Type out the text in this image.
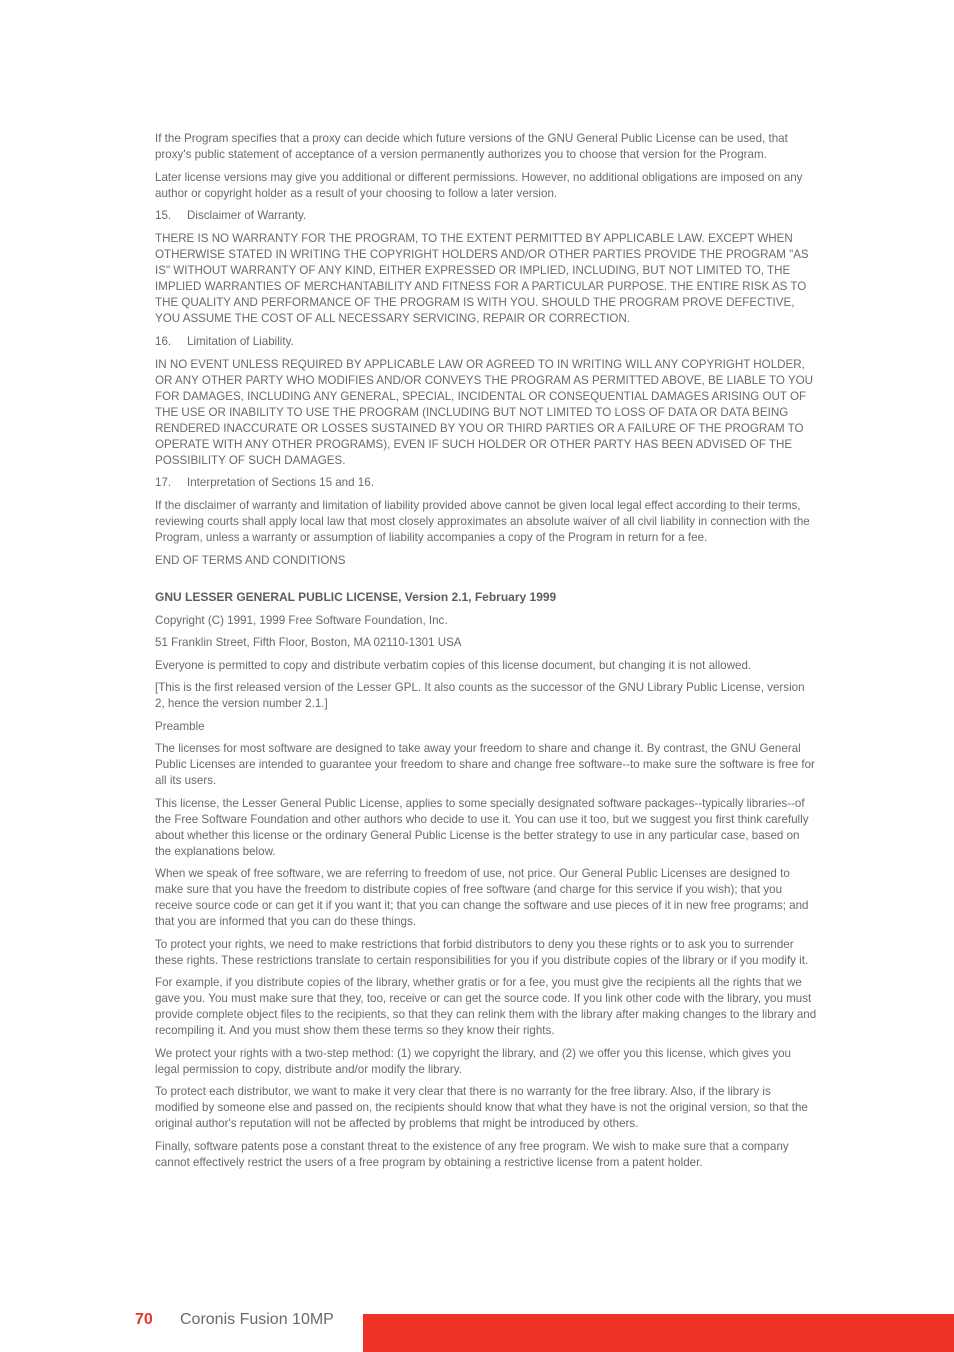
If the Program specifies that a proxy can decide which future versions of the GNU General Public License can be used, that proxy's public statement of acceptance of a version permanently authorizes you to choose that version for the Program.

Later license versions may give you additional or different permissions. However, no additional obligations are imposed on any author or copyright holder as a result of your choosing to follow a later version.

15. Disclaimer of Warranty.

THERE IS NO WARRANTY FOR THE PROGRAM, TO THE EXTENT PERMITTED BY APPLICABLE LAW. EXCEPT WHEN OTHERWISE STATED IN WRITING THE COPYRIGHT HOLDERS AND/OR OTHER PARTIES PROVIDE THE PROGRAM "AS IS" WITHOUT WARRANTY OF ANY KIND, EITHER EXPRESSED OR IMPLIED, INCLUDING, BUT NOT LIMITED TO, THE IMPLIED WARRANTIES OF MERCHANTABILITY AND FITNESS FOR A PARTICULAR PURPOSE. THE ENTIRE RISK AS TO THE QUALITY AND PERFORMANCE OF THE PROGRAM IS WITH YOU. SHOULD THE PROGRAM PROVE DEFECTIVE, YOU ASSUME THE COST OF ALL NECESSARY SERVICING, REPAIR OR CORRECTION.

16. Limitation of Liability.

IN NO EVENT UNLESS REQUIRED BY APPLICABLE LAW OR AGREED TO IN WRITING WILL ANY COPYRIGHT HOLDER, OR ANY OTHER PARTY WHO MODIFIES AND/OR CONVEYS THE PROGRAM AS PERMITTED ABOVE, BE LIABLE TO YOU FOR DAMAGES, INCLUDING ANY GENERAL, SPECIAL, INCIDENTAL OR CONSEQUENTIAL DAMAGES ARISING OUT OF THE USE OR INABILITY TO USE THE PROGRAM (INCLUDING BUT NOT LIMITED TO LOSS OF DATA OR DATA BEING RENDERED INACCURATE OR LOSSES SUSTAINED BY YOU OR THIRD PARTIES OR A FAILURE OF THE PROGRAM TO OPERATE WITH ANY OTHER PROGRAMS), EVEN IF SUCH HOLDER OR OTHER PARTY HAS BEEN ADVISED OF THE POSSIBILITY OF SUCH DAMAGES.

17. Interpretation of Sections 15 and 16.

If the disclaimer of warranty and limitation of liability provided above cannot be given local legal effect according to their terms, reviewing courts shall apply local law that most closely approximates an absolute waiver of all civil liability in connection with the Program, unless a warranty or assumption of liability accompanies a copy of the Program in return for a fee.

END OF TERMS AND CONDITIONS

GNU LESSER GENERAL PUBLIC LICENSE, Version 2.1, February 1999

Copyright (C) 1991, 1999 Free Software Foundation, Inc.

51 Franklin Street, Fifth Floor, Boston, MA 02110-1301 USA

Everyone is permitted to copy and distribute verbatim copies of this license document, but changing it is not allowed.

[This is the first released version of the Lesser GPL. It also counts as the successor of the GNU Library Public License, version 2, hence the version number 2.1.]

Preamble

The licenses for most software are designed to take away your freedom to share and change it. By contrast, the GNU General Public Licenses are intended to guarantee your freedom to share and change free software--to make sure the software is free for all its users.

This license, the Lesser General Public License, applies to some specially designated software packages--typically libraries--of the Free Software Foundation and other authors who decide to use it. You can use it too, but we suggest you first think carefully about whether this license or the ordinary General Public License is the better strategy to use in any particular case, based on the explanations below.

When we speak of free software, we are referring to freedom of use, not price. Our General Public Licenses are designed to make sure that you have the freedom to distribute copies of free software (and charge for this service if you wish); that you receive source code or can get it if you want it; that you can change the software and use pieces of it in new free programs; and that you are informed that you can do these things.

To protect your rights, we need to make restrictions that forbid distributors to deny you these rights or to ask you to surrender these rights. These restrictions translate to certain responsibilities for you if you distribute copies of the library or if you modify it.

For example, if you distribute copies of the library, whether gratis or for a fee, you must give the recipients all the rights that we gave you. You must make sure that they, too, receive or can get the source code. If you link other code with the library, you must provide complete object files to the recipients, so that they can relink them with the library after making changes to the library and recompiling it. And you must show them these terms so they know their rights.

We protect your rights with a two-step method: (1) we copyright the library, and (2) we offer you this license, which gives you legal permission to copy, distribute and/or modify the library.

To protect each distributor, we want to make it very clear that there is no warranty for the free library. Also, if the library is modified by someone else and passed on, the recipients should know that what they have is not the original version, so that the original author's reputation will not be affected by problems that might be introduced by others.

Finally, software patents pose a constant threat to the existence of any free program. We wish to make sure that a company cannot effectively restrict the users of a free program by obtaining a restrictive license from a patent holder.

70 Coronis Fusion 10MP
